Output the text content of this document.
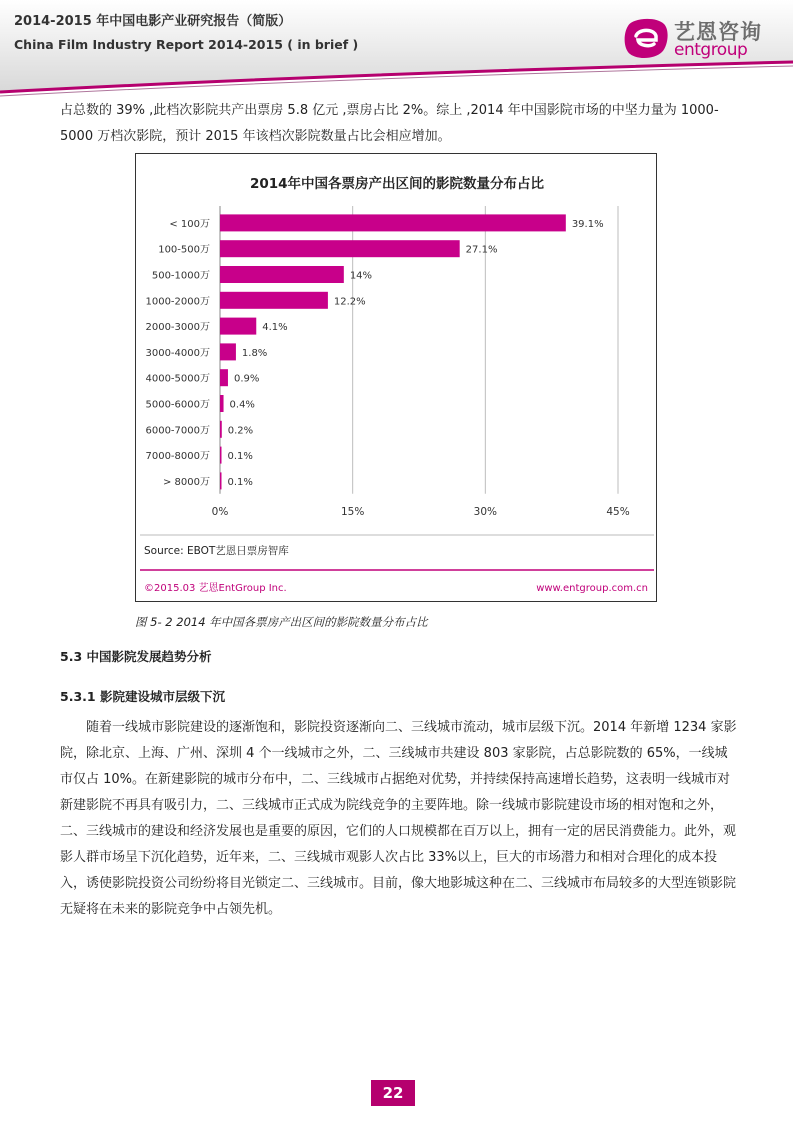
2014-2015 年中国电影产业研究报告（简版）
China Film Industry Report 2014-2015 ( in brief )
艺恩咨询
entgroup
占总数的 39% ,此档次影院共产出票房 5.8 亿元 ,票房占比 2%。综上 ,2014 年中国影院市场的中坚力量为 1000-5000 万档次影院，预计 2015 年该档次影院数量占比会相应增加。
2014年中国各票房产出区间的影院数量分布占比
< 100万
100-500万
500-1000万
1000-2000万
2000-3000万
3000-4000万
4000-5000万
5000-6000万
6000-7000万
7000-8000万
> 8000万
39.1%
27.1%
14%
12.2%
4.1%
1.8%
0.9%
0.4%
0.2%
0.1%
0.1%
0%	15%	30%	45%
Source: EBOT艺恩日票房智库
©2015.03 艺恩EntGroup Inc.	www.entgroup.com.cn
图 5- 2 2014 年中国各票房产出区间的影院数量分布占比
5.3 中国影院发展趋势分析
5.3.1 影院建设城市层级下沉
随着一线城市影院建设的逐渐饱和，影院投资逐渐向二、三线城市流动，城市层级下沉。2014 年新增 1234 家影院，除北京、上海、广州、深圳 4 个一线城市之外，二、三线城市共建设 803 家影院，占总影院数的 65%，一线城市仅占 10%。在新建影院的城市分布中，二、三线城市占据绝对优势，并持续保持高速增长趋势，这表明一线城市对新建影院不再具有吸引力，二、三线城市正式成为院线竞争的主要阵地。除一线城市影院建设市场的相对饱和之外，二、三线城市的建设和经济发展也是重要的原因，它们的人口规模都在百万以上，拥有一定的居民消费能力。此外，观影人群市场呈下沉化趋势，近年来，二、三线城市观影人次占比 33%以上，巨大的市场潜力和相对合理化的成本投入，诱使影院投资公司纷纷将目光锁定二、三线城市。目前，像大地影城这种在二、三线城市布局较多的大型连锁影院无疑将在未来的影院竞争中占领先机。
22
